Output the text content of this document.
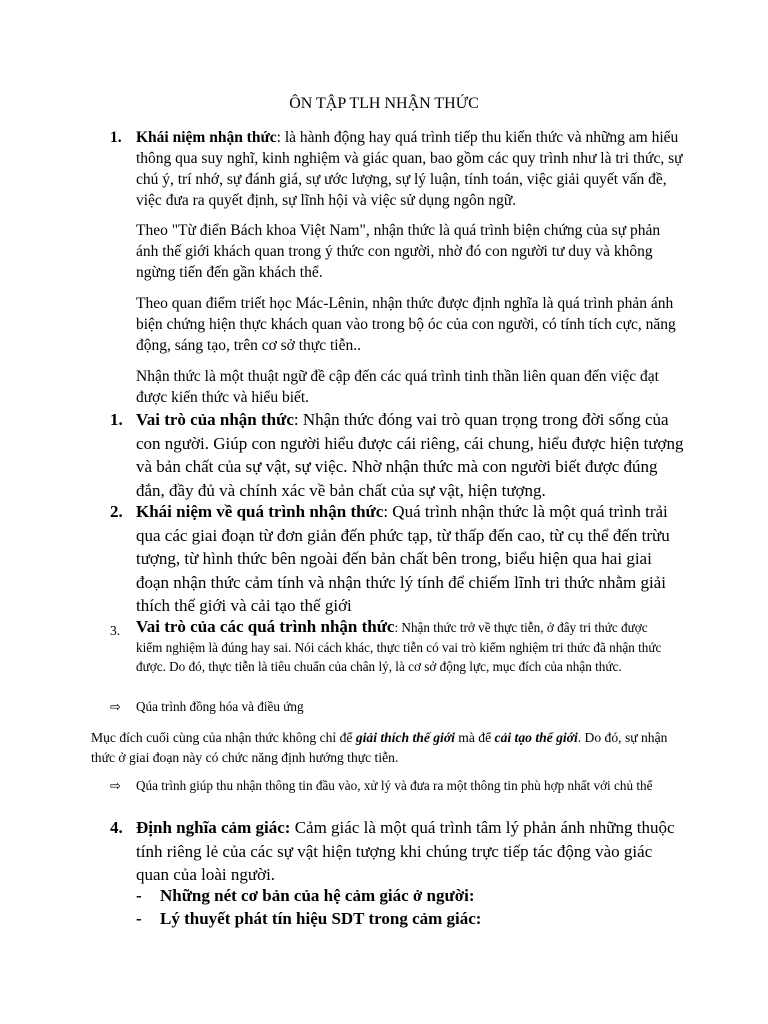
ÔN TẬP TLH NHẬN THỨC
1. Khái niệm nhận thức: là hành động hay quá trình tiếp thu kiến thức và những am hiểu thông qua suy nghĩ, kinh nghiệm và giác quan, bao gồm các quy trình như là tri thức, sự chú ý, trí nhớ, sự đánh giá, sự ước lượng, sự lý luận, tính toán, việc giải quyết vấn đề, việc đưa ra quyết định, sự lĩnh hội và việc sử dụng ngôn ngữ.
Theo "Từ điển Bách khoa Việt Nam", nhận thức là quá trình biện chứng của sự phản ánh thế giới khách quan trong ý thức con người, nhờ đó con người tư duy và không ngừng tiến đến gần khách thể.
Theo quan điểm triết học Mác-Lênin, nhận thức được định nghĩa là quá trình phản ánh biện chứng hiện thực khách quan vào trong bộ óc của con người, có tính tích cực, năng động, sáng tạo, trên cơ sở thực tiễn..
Nhận thức là một thuật ngữ đề cập đến các quá trình tinh thần liên quan đến việc đạt được kiến thức và hiểu biết.
1. Vai trò của nhận thức: Nhận thức đóng vai trò quan trọng trong đời sống của con người. Giúp con người hiểu được cái riêng, cái chung, hiểu được hiện tượng và bản chất của sự vật, sự việc. Nhờ nhận thức mà con người biết được đúng đắn, đầy đủ và chính xác về bản chất của sự vật, hiện tượng.
2. Khái niệm về quá trình nhận thức: Quá trình nhận thức là một quá trình trải qua các giai đoạn từ đơn giản đến phức tạp, từ thấp đến cao, từ cụ thể đến trừu tượng, từ hình thức bên ngoài đến bản chất bên trong, biểu hiện qua hai giai đoạn nhận thức cảm tính và nhận thức lý tính để chiếm lĩnh tri thức nhằm giải thích thế giới và cải tạo thế giới
3. Vai trò của các quá trình nhận thức: Nhận thức trở về thực tiễn, ở đây tri thức được kiểm nghiệm là đúng hay sai. Nói cách khác, thực tiễn có vai trò kiểm nghiệm tri thức đã nhận thức được. Do đó, thực tiễn là tiêu chuẩn của chân lý, là cơ sở động lực, mục đích của nhận thức.
⇨ Qúa trình đồng hóa và điều ứng
Mục đích cuối cùng của nhận thức không chỉ để giải thích thế giới mà để cải tạo thế giới. Do đó, sự nhận thức ở giai đoạn này có chức năng định hướng thực tiễn.
⇨ Qúa trình giúp thu nhận thông tin đầu vào, xử lý và đưa ra một thông tin phù hợp nhất với chủ thể
4. Định nghĩa cảm giác: Cảm giác là một quá trình tâm lý phản ánh những thuộc tính riêng lẻ của các sự vật hiện tượng khi chúng trực tiếp tác động vào giác quan của loài người.
- Những nét cơ bản của hệ cảm giác ở người:
- Lý thuyết phát tín hiệu SDT trong cảm giác:
